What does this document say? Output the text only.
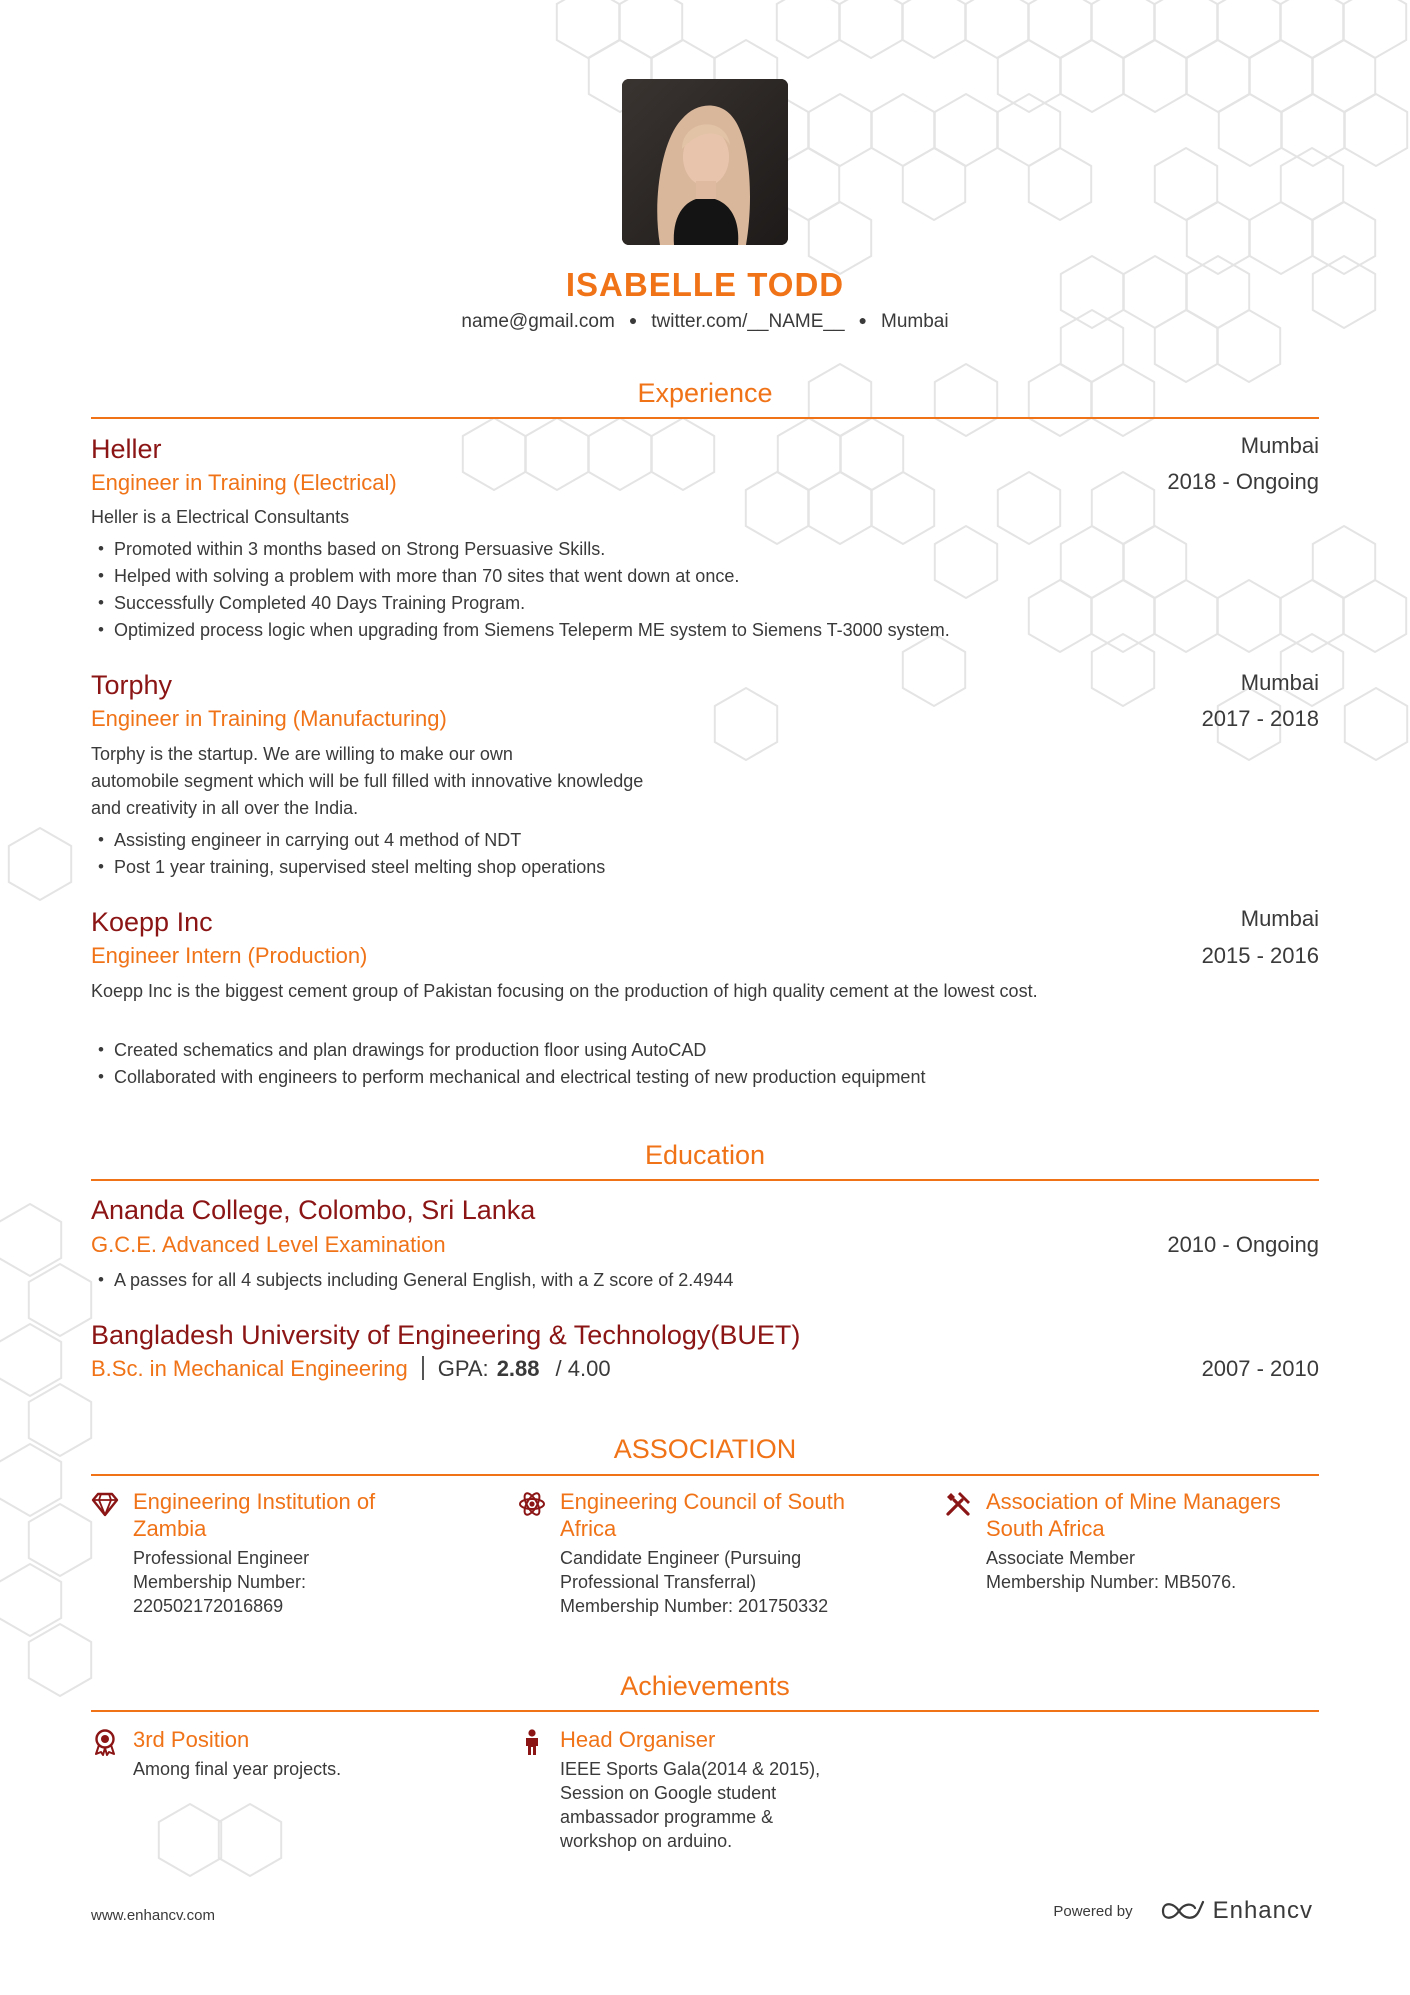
ISABELLE TODD
name@gmail.com ● twitter.com/__NAME__ ● Mumbai
Experience
Heller	Mumbai
Engineer in Training (Electrical)	2018 - Ongoing
Heller is a Electrical Consultants
• Promoted within 3 months based on Strong Persuasive Skills.
• Helped with solving a problem with more than 70 sites that went down at once.
• Successfully Completed 40 Days Training Program.
• Optimized process logic when upgrading from Siemens Teleperm ME system to Siemens T-3000 system.
Torphy	Mumbai
Engineer in Training (Manufacturing)	2017 - 2018
Torphy is the startup. We are willing to make our own
automobile segment which will be full filled with innovative knowledge
and creativity in all over the India.
• Assisting engineer in carrying out 4 method of NDT
• Post 1 year training, supervised steel melting shop operations
Koepp Inc	Mumbai
Engineer Intern (Production)	2015 - 2016
Koepp Inc is the biggest cement group of Pakistan focusing on the production of high quality cement at the lowest cost.
• Created schematics and plan drawings for production floor using AutoCAD
• Collaborated with engineers to perform mechanical and electrical testing of new production equipment
Education
Ananda College, Colombo, Sri Lanka
G.C.E. Advanced Level Examination	2010 - Ongoing
• A passes for all 4 subjects including General English, with a Z score of 2.4944
Bangladesh University of Engineering & Technology(BUET)
B.Sc. in Mechanical Engineering GPA: 2.88 / 4.00	2007 - 2010
ASSOCIATION
Engineering Institution of
Zambia
Professional Engineer
Membership Number:
220502172016869
Engineering Council of South
Africa
Candidate Engineer (Pursuing
Professional Transferral)
Membership Number: 201750332
Association of Mine Managers
South Africa
Associate Member
Membership Number: MB5076.
Achievements
3rd Position
Among final year projects.
Head Organiser
IEEE Sports Gala(2014 & 2015),
Session on Google student
ambassador programme &
workshop on arduino.
www.enhancv.com	Powered by	Enhancv
